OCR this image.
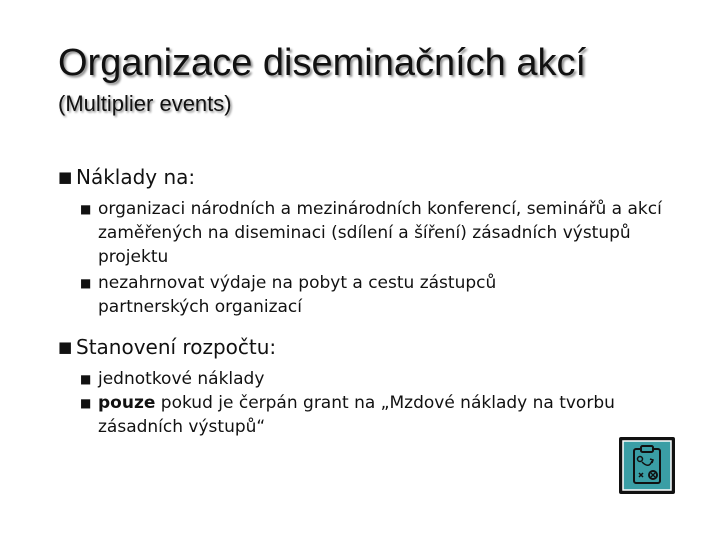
Organizace diseminačních akcí
(Multiplier events)
■ Náklady na:
■ organizaci národních a mezinárodních konferencí, seminářů a akcí zaměřených na diseminaci (sdílení a šíření) zásadních výstupů projektu
■ nezahrnovat výdaje na pobyt a cestu zástupců partnerských organizací
■ Stanovení rozpočtu:
■ jednotkové náklady
■ pouze pokud je čerpán grant na „Mzdové náklady na tvorbu zásadních výstupů“
